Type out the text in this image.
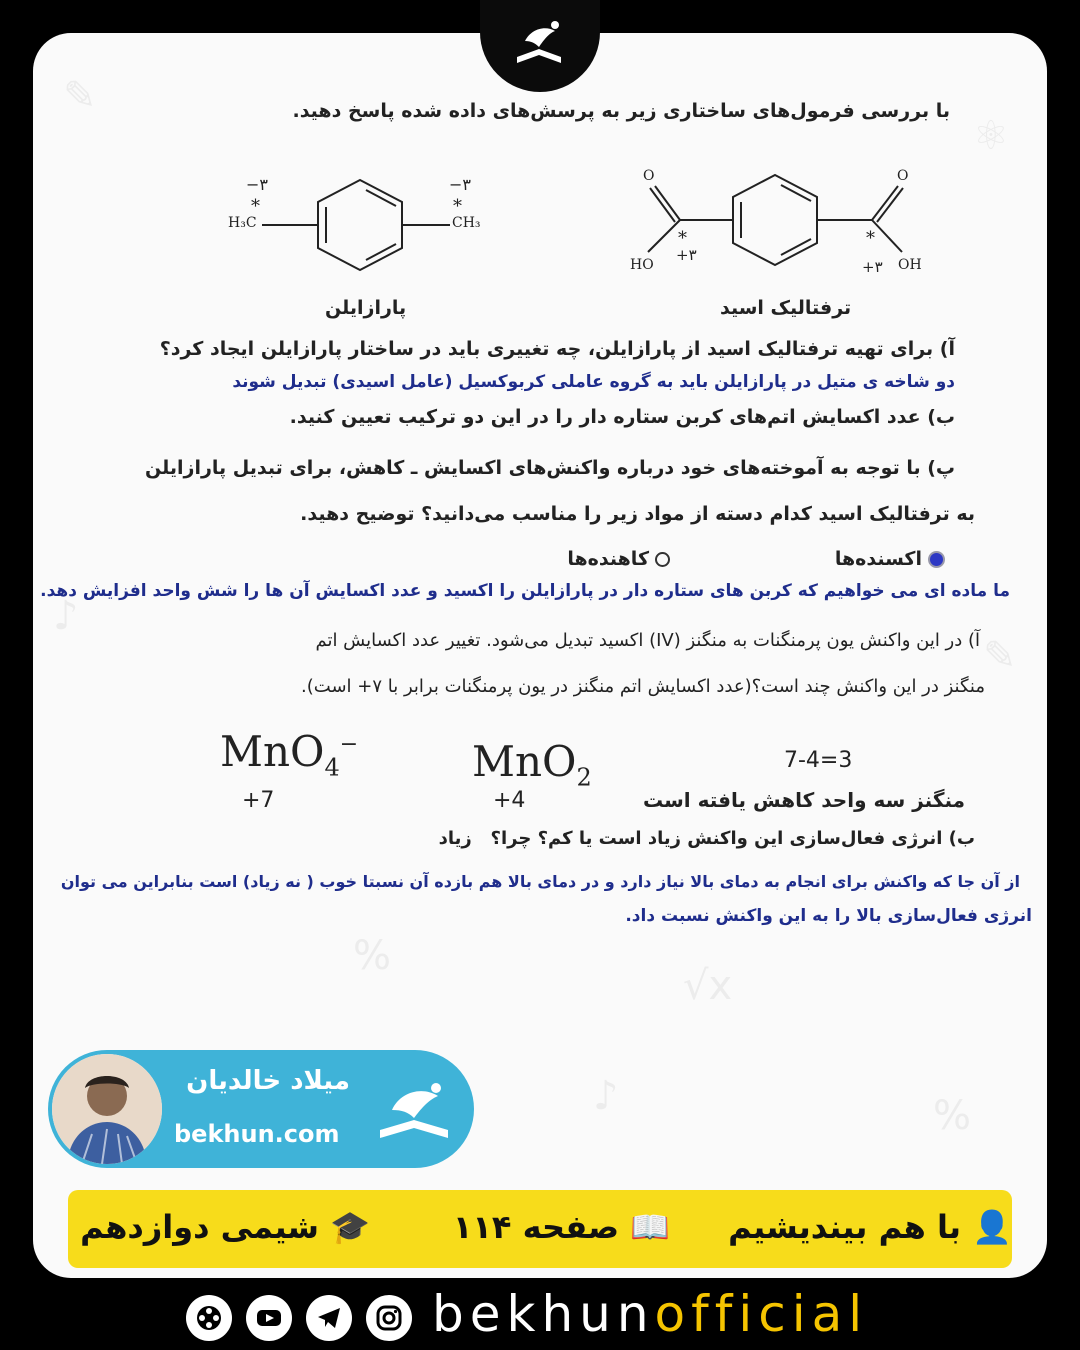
✎
⚛
♪
✎
%
√x
%
♪
با بررسی فرمول‌های ساختاری زیر به پرسش‌های داده شده پاسخ دهید.
H₃C	CH₃
−۳	−۳
*	*
پارازایلن
O	O
HO	OH
*	*
+۳
+۳
ترفتالیک اسید
آ) برای تهیه ترفتالیک اسید از پارازایلن، چه تغییری باید در ساختار پارازایلن ایجاد کرد؟
دو شاخه ی متیل در پارازایلن باید به گروه عاملی کربوکسیل (عامل اسیدی) تبدیل شوند
ب) عدد اکسایش اتم‌های کربن ستاره دار را در این دو ترکیب تعیین کنید.
پ) با توجه به آموخته‌های خود درباره واکنش‌های اکسایش ـ کاهش، برای تبدیل پارازایلن
به ترفتالیک اسید کدام دسته از مواد زیر را مناسب می‌دانید؟ توضیح دهید.
اکسنده‌ها
کاهنده‌ها
ما ماده ای می خواهیم که کربن های ستاره دار در پارازایلن را اکسید و عدد اکسایش آن ها را شش واحد افزایش دهد.
آ) در این واکنش یون پرمنگنات به منگنز (IV) اکسید تبدیل می‌شود. تغییر عدد اکسایش اتم
منگنز در این واکنش چند است؟(عدد اکسایش اتم منگنز در یون پرمنگنات برابر با ۷+ است).
MnO$_4$−	MnO$_2$
+7	+4
7-4=3
منگنز سه واحد کاهش یافته است
ب) انرژی فعال‌سازی این واکنش زیاد است یا کم؟ چرا؟   زیاد
از آن جا که واکنش برای انجام به دمای بالا نیاز دارد و در دمای بالا هم بازده آن نسبتا خوب ( نه زیاد) است بنابراین می توان
انرژی فعال‌سازی بالا را به این واکنش نسبت داد.
میلاد خالدیان
bekhun.com
👤 با هم بیندیشیم
📖 صفحه ۱۱۴
🎓 شیمی دوازدهم
bekhunofficial
